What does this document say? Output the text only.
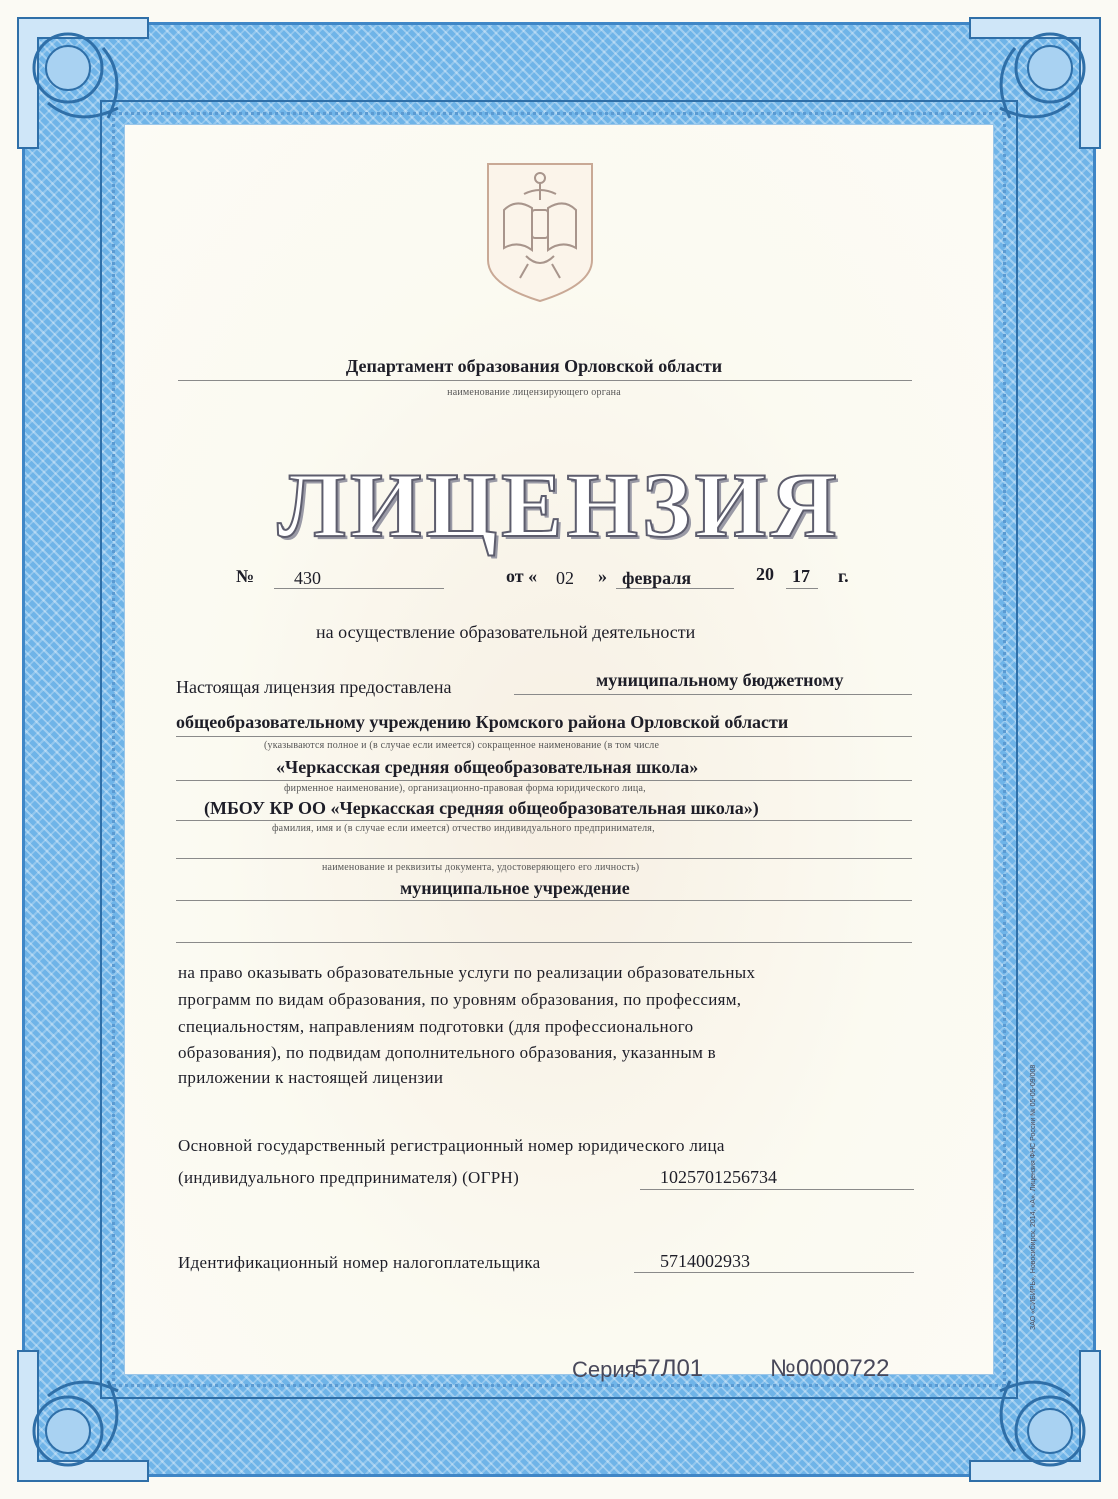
Департамент образования Орловской области
наименование лицензирующего органа
ЛИЦЕНЗИЯ
№ 430	от « 02 » февраля	20 17 г.
на осуществление образовательной деятельности
Настоящая лицензия предоставлена	муниципальному бюджетному
общеобразовательному учреждению Кромского района Орловской области
(указываются полное и (в случае если имеется) сокращенное наименование (в том числе
«Черкасская средняя общеобразовательная школа»
фирменное наименование), организационно-правовая форма юридического лица,
(МБОУ КР ОО «Черкасская средняя общеобразовательная школа»)
фамилия, имя и (в случае если имеется) отчество индивидуального предпринимателя,
наименование и реквизиты документа, удостоверяющего его личность)
муниципальное учреждение
на право оказывать образовательные услуги по реализации образовательных
программ по видам образования, по уровням образования, по профессиям,
специальностям, направлениям подготовки (для профессионального
образования), по подвидам дополнительного образования, указанным в
приложении к настоящей лицензии
Основной государственный регистрационный номер юридического лица
(индивидуального предпринимателя) (ОГРН)	1025701256734
Идентификационный номер налогоплательщика	5714002933
Серия
57Л01	№ 0000722
ЗАО «СИБИРЬ», Новосибирск, 2014, «А». Лицензия ФНС России № 05-05-09/008
